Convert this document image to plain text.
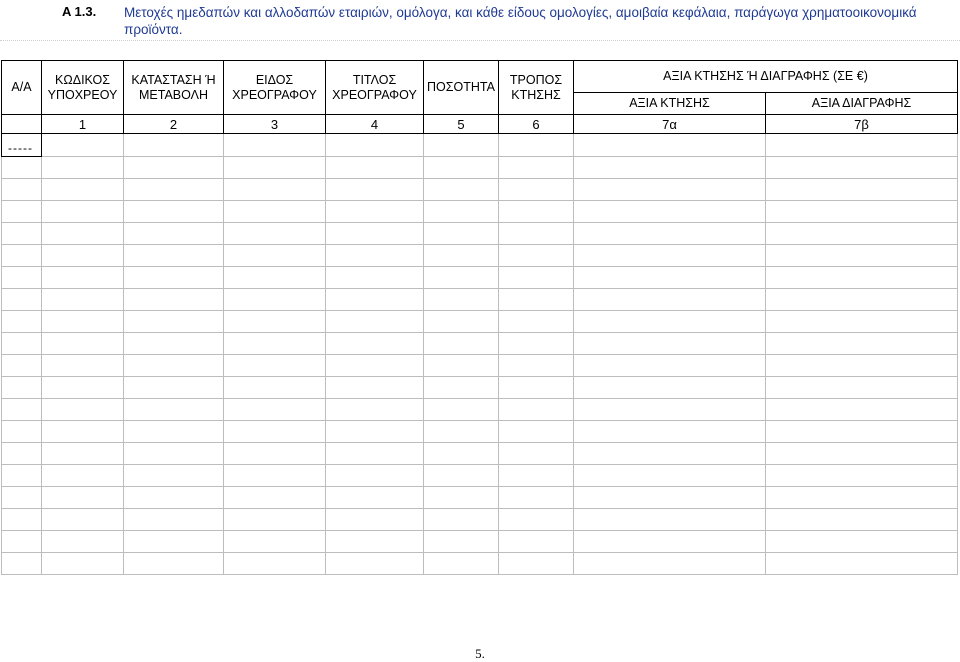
A 1.3. Μετοχές ημεδαπών και αλλοδαπών εταιριών, ομόλογα, και κάθε είδους ομολογίες, αμοιβαία κεφάλαια, παράγωγα χρηματοοικονομικά προϊόντα.
Α/Α	ΚΩΔΙΚΟΣ ΥΠΟΧΡΕΟΥ	ΚΑΤΑΣΤΑΣΗ Ή ΜΕΤΑΒΟΛΗ	ΕΙΔΟΣ ΧΡΕΟΓΡΑΦΟΥ	ΤΙΤΛΟΣ ΧΡΕΟΓΡΑΦΟΥ	ΠΟΣΟΤΗΤΑ	ΤΡΟΠΟΣ ΚΤΗΣΗΣ	ΑΞΙΑ ΚΤΗΣΗΣ Ή ΔΙΑΓΡΑΦΗΣ (ΣΕ €)	
							ΑΞΙΑ ΚΤΗΣΗΣ	ΑΞΙΑ ΔΙΑΓΡΑΦΗΣ
	1	2	3	4	5	6	7α	7β
-----								

5.
